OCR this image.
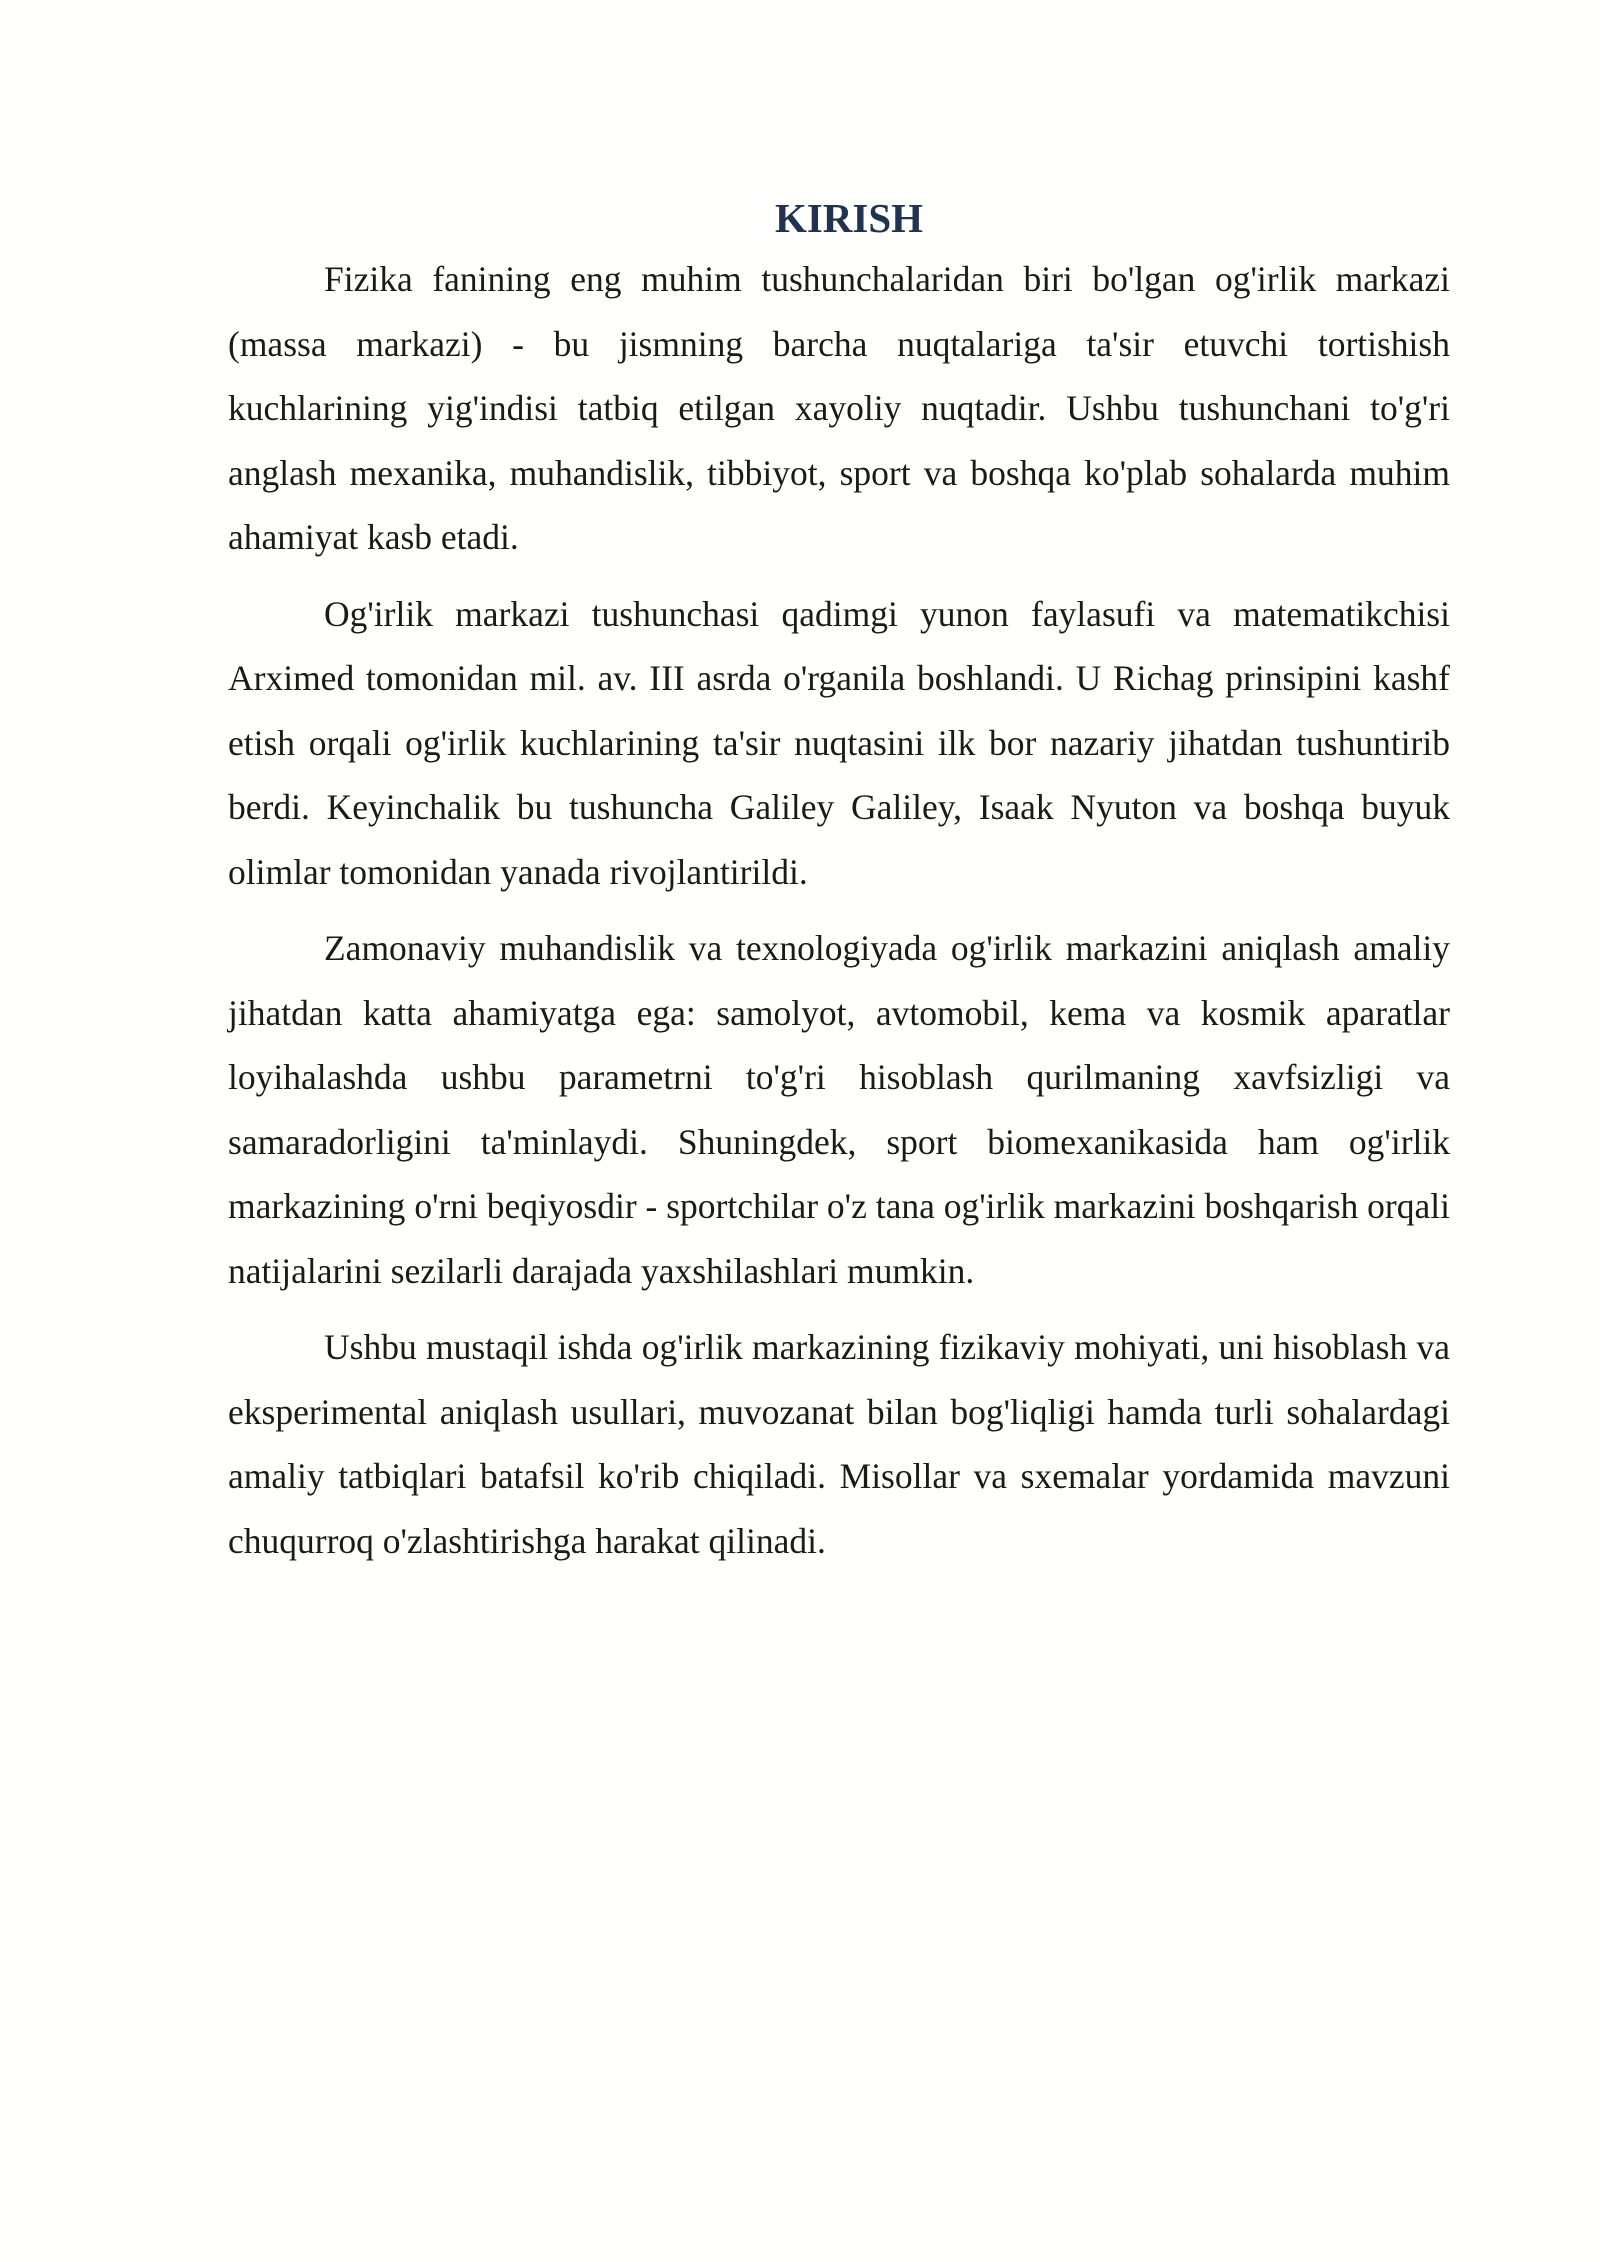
KIRISH

Fizika fanining eng muhim tushunchalaridan biri bo'lgan og'irlik markazi (massa markazi) - bu jismning barcha nuqtalariga ta'sir etuvchi tortishish kuchlarining yig'indisi tatbiq etilgan xayoliy nuqtadir. Ushbu tushunchani to'g'ri anglash mexanika, muhandislik, tibbiyot, sport va boshqa ko'plab sohalarda muhim ahamiyat kasb etadi.

Og'irlik markazi tushunchasi qadimgi yunon faylasufi va matematikchisi Arximed tomonidan mil. av. III asrda o'rganila boshlandi. U Richag prinsipini kashf etish orqali og'irlik kuchlarining ta'sir nuqtasini ilk bor nazariy jihatdan tushuntirib berdi. Keyinchalik bu tushuncha Galiley Galiley, Isaak Nyuton va boshqa buyuk olimlar tomonidan yanada rivojlantirildi.

Zamonaviy muhandislik va texnologiyada og'irlik markazini aniqlash amaliy jihatdan katta ahamiyatga ega: samolyot, avtomobil, kema va kosmik aparatlar loyihalashda ushbu parametrni to'g'ri hisoblash qurilmaning xavfsizligi va samaradorligini ta'minlaydi. Shuningdek, sport biomexanikasida ham og'irlik markazining o'rni beqiyosdir - sportchilar o'z tana og'irlik markazini boshqarish orqali natijalarini sezilarli darajada yaxshilashlari mumkin.

Ushbu mustaqil ishda og'irlik markazining fizikaviy mohiyati, uni hisoblash va eksperimental aniqlash usullari, muvozanat bilan bog'liqligi hamda turli sohalardagi amaliy tatbiqlari batafsil ko'rib chiqiladi. Misollar va sxemalar yordamida mavzuni chuqurroq o'zlashtirishga harakat qilinadi.
